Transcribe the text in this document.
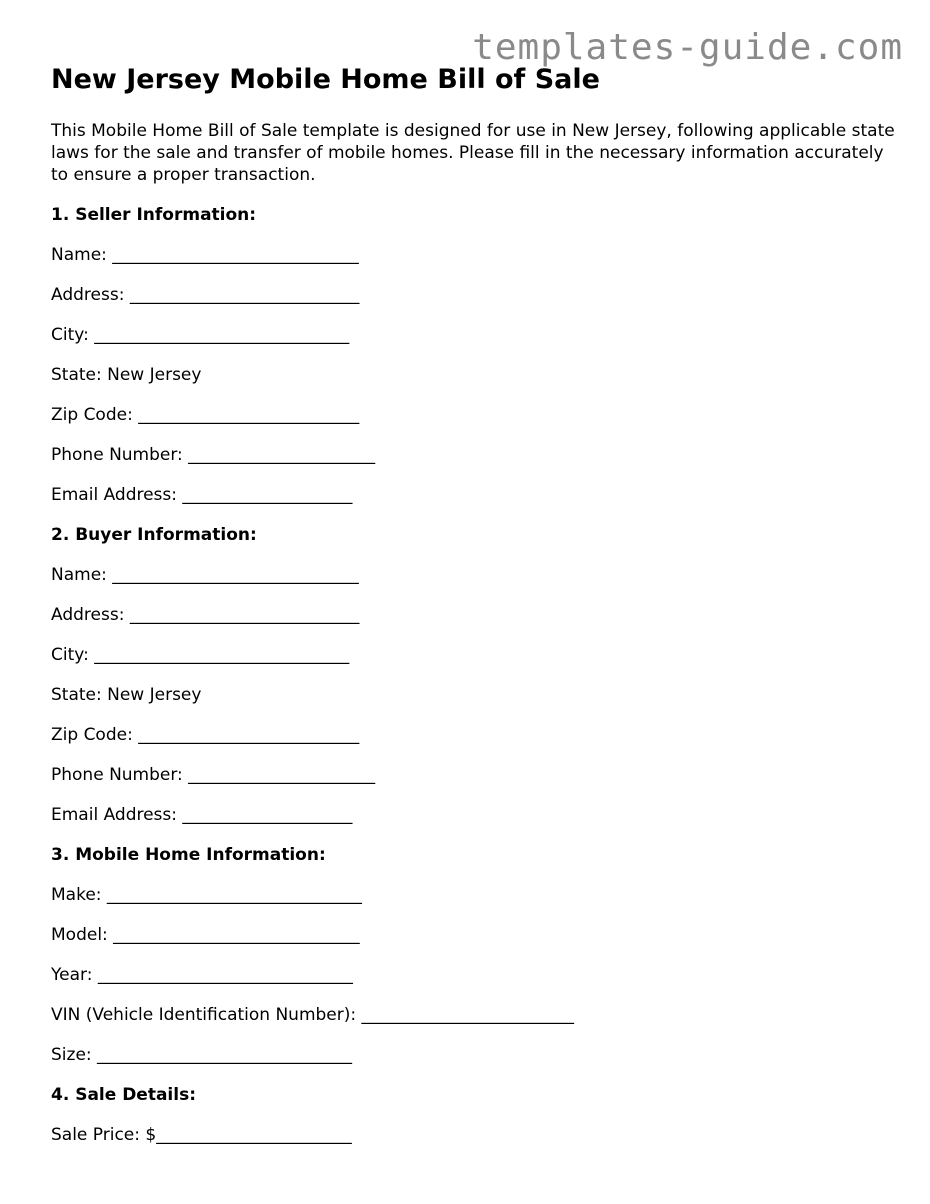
templates-guide.com
New Jersey Mobile Home Bill of Sale

This Mobile Home Bill of Sale template is designed for use in New Jersey, following applicable state laws for the sale and transfer of mobile homes. Please fill in the necessary information accurately to ensure a proper transaction.

1. Seller Information:
Name: _____________________________
Address: ___________________________
City: ______________________________
State: New Jersey
Zip Code: __________________________
Phone Number: ______________________
Email Address: ____________________
2. Buyer Information:
Name: _____________________________
Address: ___________________________
City: ______________________________
State: New Jersey
Zip Code: __________________________
Phone Number: ______________________
Email Address: ____________________
3. Mobile Home Information:
Make: ______________________________
Model: _____________________________
Year: ______________________________
VIN (Vehicle Identification Number): _________________________
Size: ______________________________
4. Sale Details:
Sale Price: $_______________________
